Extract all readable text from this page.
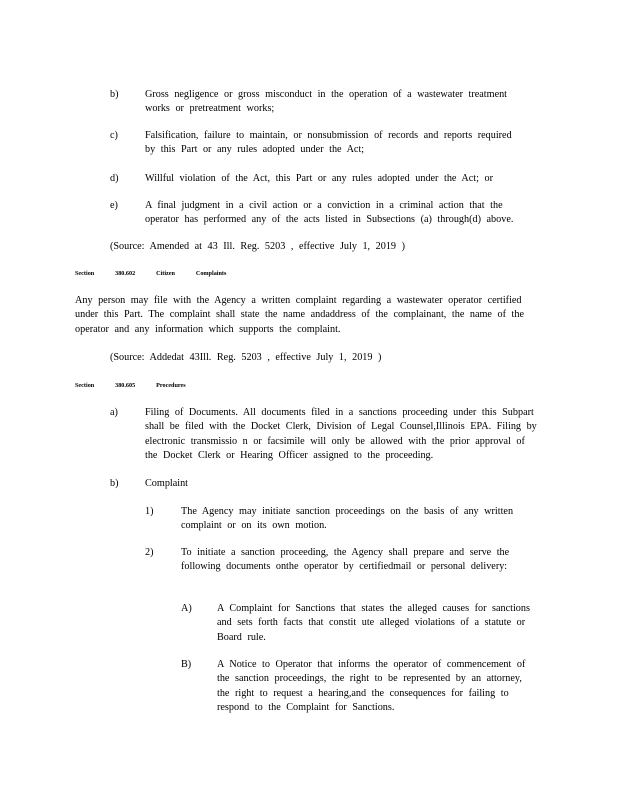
b)	Gross negligence or gross misconduct in the operation of a wastewater treatment works or pretreatment works;
c)	Falsification, failure to maintain, or nonsubmission of records and reports required by this Part or any rules adopted under the Act;
d)	Willful violation of the Act, this Part or any rules adopted under the Act; or
e)	A final judgment in a civil action or a conviction in a criminal action that the operator has performed any of the acts listed in Subsections (a) through(d) above.
(Source: Amended at 43 Ill. Reg. 5203 , effective July 1, 2019 )
Section	380.602	Citizen	Complaints
Any person may file with the Agency a written complaint regarding a wastewater operator certified under this Part. The complaint shall state the name andaddress of the complainant, the name of the operator and any information which supports the complaint.
(Source: Addedat 43Ill. Reg. 5203 , effective July 1, 2019 )
Section	380.605	Procedures
a)	Filing of Documents. All documents filed in a sanctions proceeding under this Subpart shall be filed with the Docket Clerk, Division of Legal Counsel,Illinois EPA. Filing by electronic transmissio n or facsimile will only be allowed with the prior approval of the Docket Clerk or Hearing Officer assigned to the proceeding.
b)	Complaint
1)	The Agency may initiate sanction proceedings on the basis of any written complaint or on its own motion.
2)	To initiate a sanction proceeding, the Agency shall prepare and serve the following documents onthe operator by certifiedmail or personal delivery:
A) A Complaint for Sanctions that states the alleged causes for sanctions and sets forth facts that constit ute alleged violations of a statute or Board rule.
B)	A Notice to Operator that informs the operator of commencement of the sanction proceedings, the right to be represented by an attorney, the right to request a hearing,and the consequences for failing to respond to the Complaint for Sanctions.
